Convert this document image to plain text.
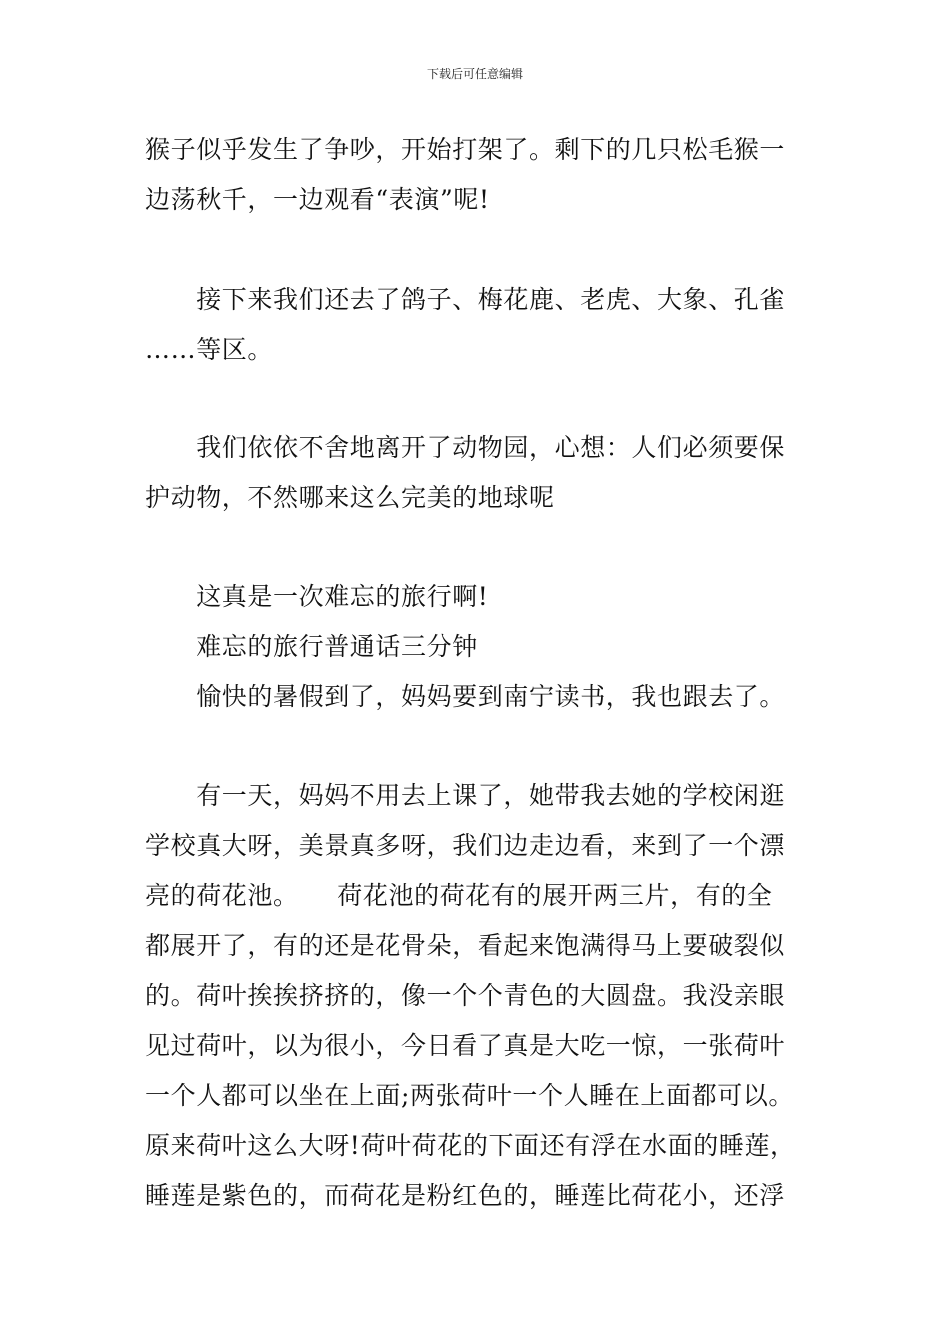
下载后可任意编辑
猴子似乎发生了争吵，开始打架了。剩下的几只松毛猴一
边荡秋千，一边观看“表演”呢!
　　接下来我们还去了鸽子、梅花鹿、老虎、大象、孔雀
……等区。
　　我们依依不舍地离开了动物园，心想：人们必须要保
护动物，不然哪来这么完美的地球呢
　　这真是一次难忘的旅行啊!
　　难忘的旅行普通话三分钟
　　愉快的暑假到了，妈妈要到南宁读书，我也跟去了。
　　有一天，妈妈不用去上课了，她带我去她的学校闲逛
学校真大呀，美景真多呀，我们边走边看，来到了一个漂
亮的荷花池。　　荷花池的荷花有的展开两三片，有的全
都展开了，有的还是花骨朵，看起来饱满得马上要破裂似
的。荷叶挨挨挤挤的，像一个个青色的大圆盘。我没亲眼
见过荷叶，以为很小，今日看了真是大吃一惊，一张荷叶
一个人都可以坐在上面;两张荷叶一个人睡在上面都可以。
原来荷叶这么大呀!荷叶荷花的下面还有浮在水面的睡莲，
睡莲是紫色的，而荷花是粉红色的，睡莲比荷花小，还浮
